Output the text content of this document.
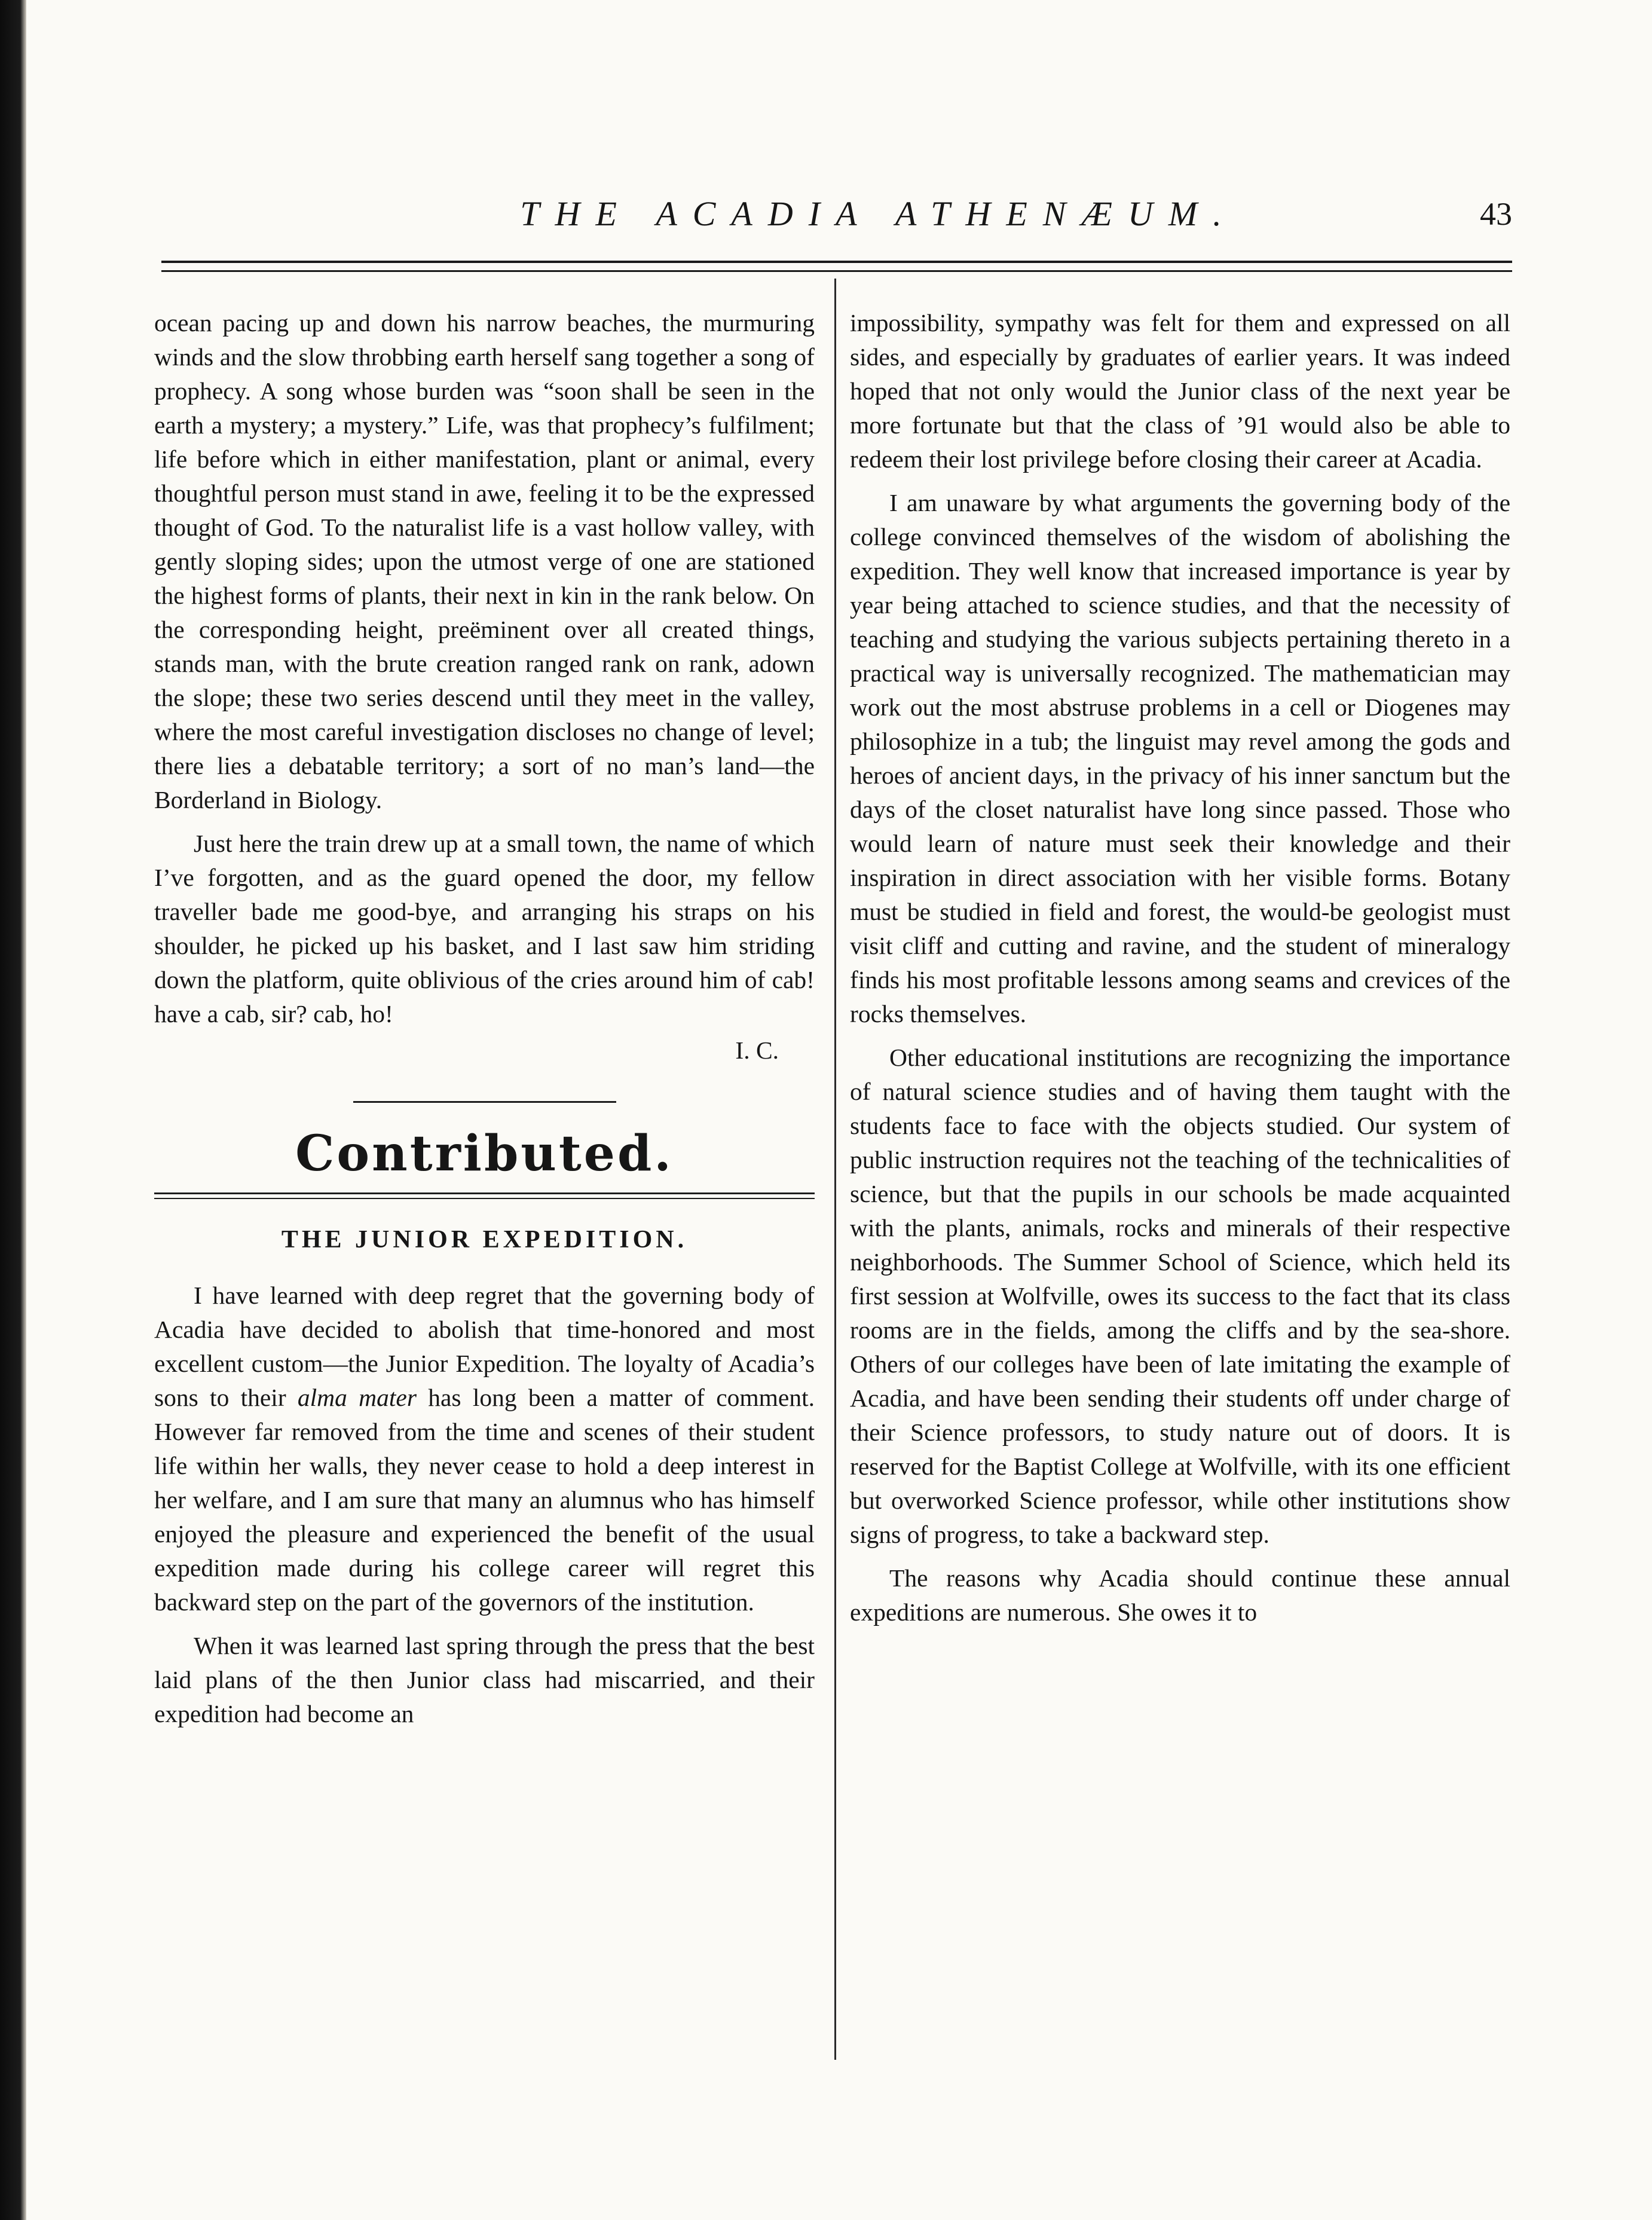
THE ACADIA ATHENÆUM.	43

ocean pacing up and down his narrow beaches, the murmuring winds and the slow throbbing earth herself sang together a song of prophecy. A song whose burden was “soon shall be seen in the earth a mystery; a mystery.” Life, was that prophecy’s fulfilment; life before which in either manifestation, plant or animal, every thoughtful person must stand in awe, feeling it to be the expressed thought of God. To the naturalist life is a vast hollow valley, with gently sloping sides; upon the utmost verge of one are stationed the highest forms of plants, their next in kin in the rank below. On the corresponding height, preëminent over all created things, stands man, with the brute creation ranged rank on rank, adown the slope; these two series descend until they meet in the valley, where the most careful investigation discloses no change of level; there lies a debatable territory; a sort of no man’s land—the Borderland in Biology.

Just here the train drew up at a small town, the name of which I’ve forgotten, and as the guard opened the door, my fellow traveller bade me good-bye, and arranging his straps on his shoulder, he picked up his basket, and I last saw him striding down the platform, quite oblivious of the cries around him of cab! have a cab, sir? cab, ho!

I. C.

Contributed.

THE JUNIOR EXPEDITION.

I have learned with deep regret that the governing body of Acadia have decided to abolish that time-honored and most excellent custom—the Junior Expedition. The loyalty of Acadia’s sons to their alma mater has long been a matter of comment. However far removed from the time and scenes of their student life within her walls, they never cease to hold a deep interest in her welfare, and I am sure that many an alumnus who has himself enjoyed the pleasure and experienced the benefit of the usual expedition made during his college career will regret this backward step on the part of the governors of the institution.

When it was learned last spring through the press that the best laid plans of the then Junior class had miscarried, and their expedition had become an

impossibility, sympathy was felt for them and expressed on all sides, and especially by graduates of earlier years. It was indeed hoped that not only would the Junior class of the next year be more fortunate but that the class of ’91 would also be able to redeem their lost privilege before closing their career at Acadia.

I am unaware by what arguments the governing body of the college convinced themselves of the wisdom of abolishing the expedition. They well know that increased importance is year by year being attached to science studies, and that the necessity of teaching and studying the various subjects pertaining thereto in a practical way is universally recognized. The mathematician may work out the most abstruse problems in a cell or Diogenes may philosophize in a tub; the linguist may revel among the gods and heroes of ancient days, in the privacy of his inner sanctum but the days of the closet naturalist have long since passed. Those who would learn of nature must seek their knowledge and their inspiration in direct association with her visible forms. Botany must be studied in field and forest, the would-be geologist must visit cliff and cutting and ravine, and the student of mineralogy finds his most profitable lessons among seams and crevices of the rocks themselves.

Other educational institutions are recognizing the importance of natural science studies and of having them taught with the students face to face with the objects studied. Our system of public instruction requires not the teaching of the technicalities of science, but that the pupils in our schools be made acquainted with the plants, animals, rocks and minerals of their respective neighborhoods. The Summer School of Science, which held its first session at Wolfville, owes its success to the fact that its class rooms are in the fields, among the cliffs and by the sea-shore. Others of our colleges have been of late imitating the example of Acadia, and have been sending their students off under charge of their Science professors, to study nature out of doors. It is reserved for the Baptist College at Wolfville, with its one efficient but overworked Science professor, while other institutions show signs of progress, to take a backward step.

The reasons why Acadia should continue these annual expeditions are numerous. She owes it to
